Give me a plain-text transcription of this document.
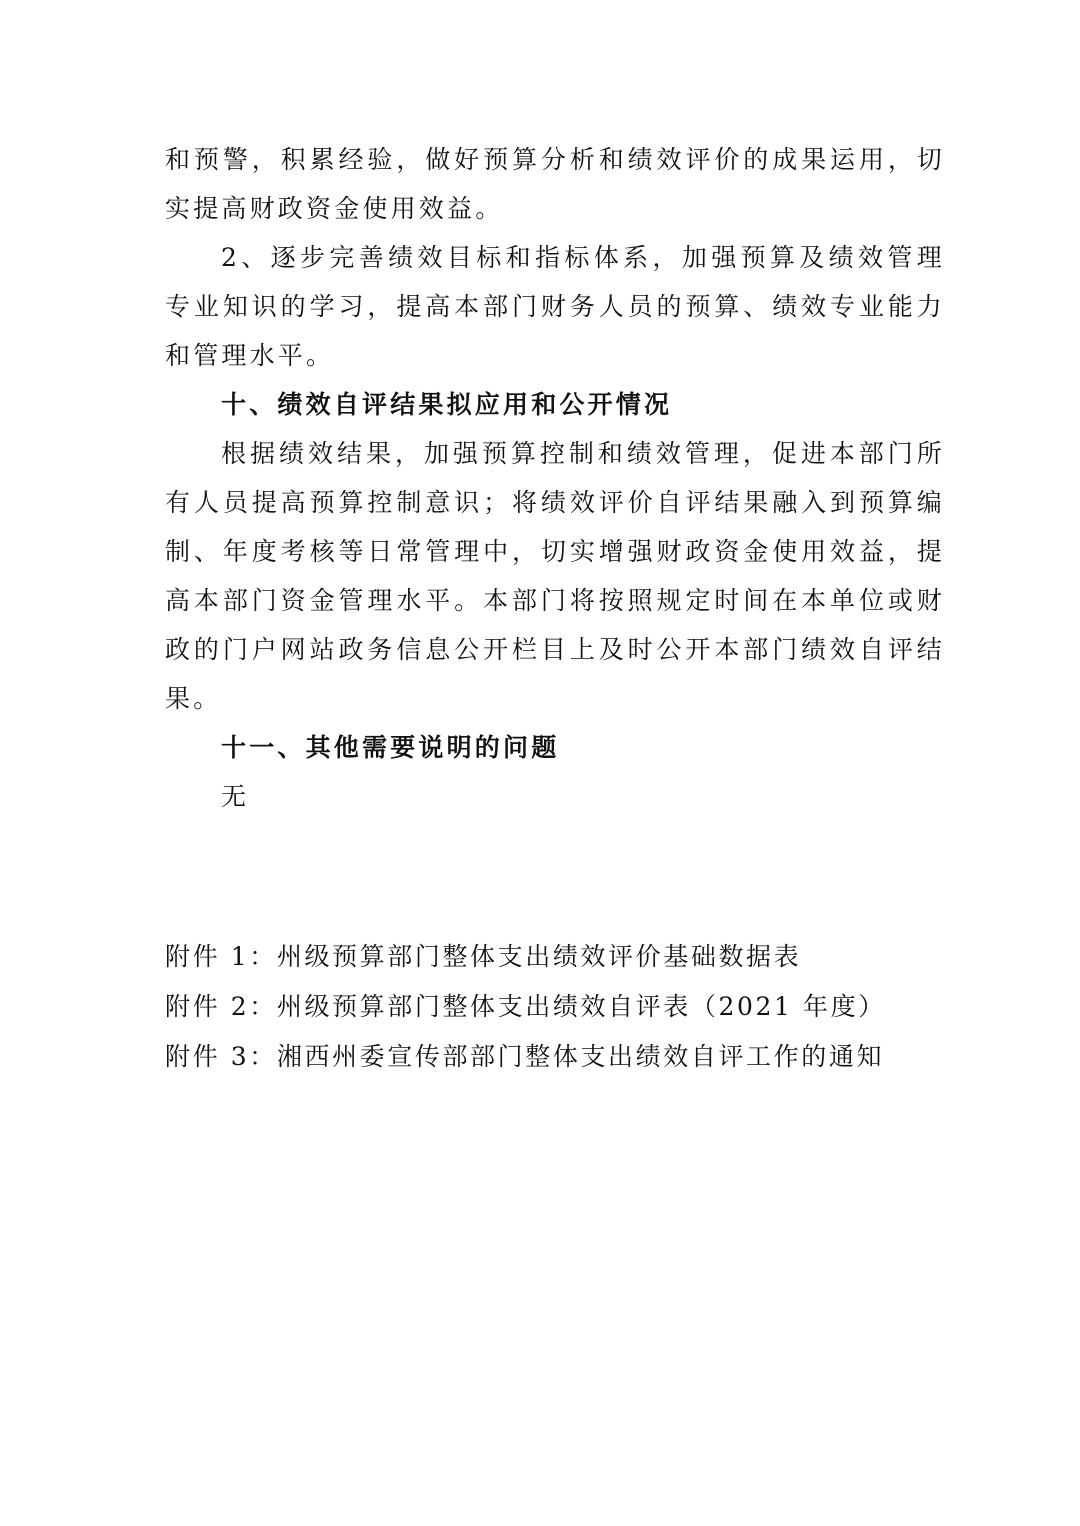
和预警，积累经验，做好预算分析和绩效评价的成果运用，切实提高财政资金使用效益。

2、逐步完善绩效目标和指标体系，加强预算及绩效管理专业知识的学习，提高本部门财务人员的预算、绩效专业能力和管理水平。

十、绩效自评结果拟应用和公开情况

根据绩效结果，加强预算控制和绩效管理，促进本部门所有人员提高预算控制意识；将绩效评价自评结果融入到预算编制、年度考核等日常管理中，切实增强财政资金使用效益，提高本部门资金管理水平。本部门将按照规定时间在本单位或财政的门户网站政务信息公开栏目上及时公开本部门绩效自评结果。

十一、其他需要说明的问题

无

附件 1：州级预算部门整体支出绩效评价基础数据表

附件 2：州级预算部门整体支出绩效自评表（2021 年度）

附件 3：湘西州委宣传部部门整体支出绩效自评工作的通知
